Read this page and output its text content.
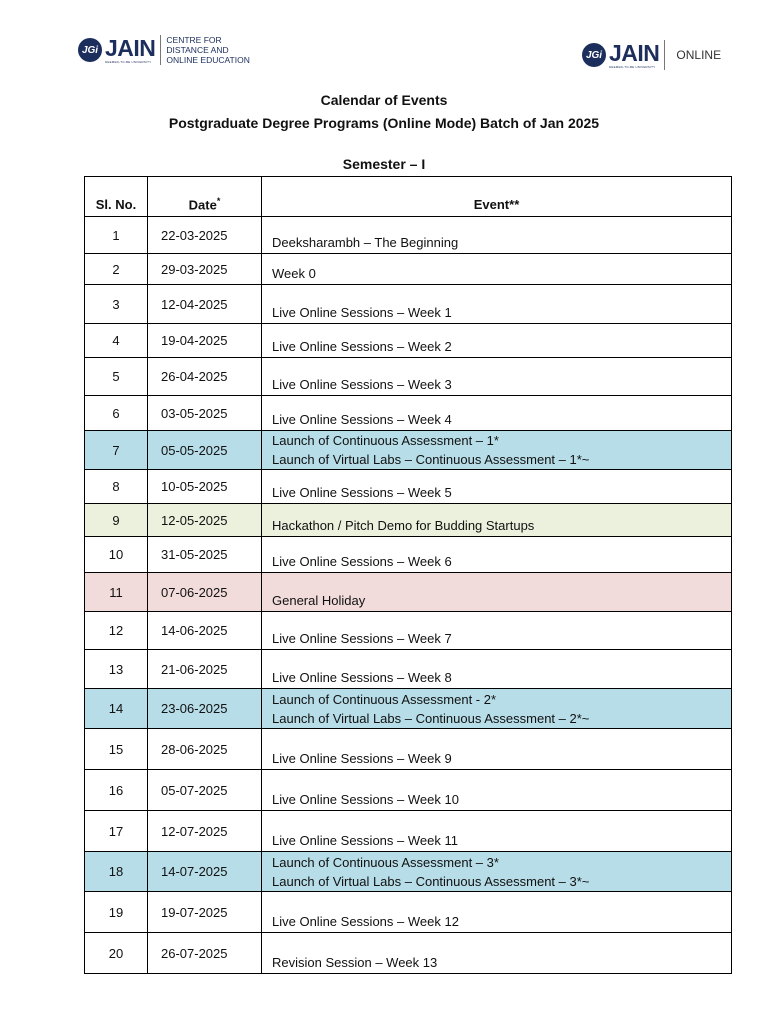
JGi JAIN
DEEMED-TO-BE UNIVERSITY
CENTRE FOR
DISTANCE AND
ONLINE EDUCATION	JGi JAIN
DEEMED-TO-BE UNIVERSITY
ONLINE
Calendar of Events
Postgraduate Degree Programs (Online Mode) Batch of Jan 2025
Semester – I
Sl. No.	Date*	Event**
1	22-03-2025	Deeksharambh – The Beginning

2	29-03-2025	Week 0

3	12-04-2025	Live Online Sessions – Week 1

4	19-04-2025	Live Online Sessions – Week 2

5	26-04-2025	Live Online Sessions – Week 3

6	03-05-2025	Live Online Sessions – Week 4

7	05-05-2025	Launch of Continuous Assessment – 1*
Launch of Virtual Labs – Continuous Assessment – 1*~

8	10-05-2025	Live Online Sessions – Week 5

9	12-05-2025	Hackathon / Pitch Demo for Budding Startups

10	31-05-2025	Live Online Sessions – Week 6

11	07-06-2025	General Holiday

12	14-06-2025	Live Online Sessions – Week 7

13	21-06-2025	Live Online Sessions – Week 8

14	23-06-2025	Launch of Continuous Assessment - 2*
Launch of Virtual Labs – Continuous Assessment – 2*~

15	28-06-2025	Live Online Sessions – Week 9

16	05-07-2025	Live Online Sessions – Week 10

17	12-07-2025	Live Online Sessions – Week 11

18	14-07-2025	Launch of Continuous Assessment – 3*
Launch of Virtual Labs – Continuous Assessment – 3*~

19	19-07-2025	Live Online Sessions – Week 12

20	26-07-2025	Revision Session – Week 13
